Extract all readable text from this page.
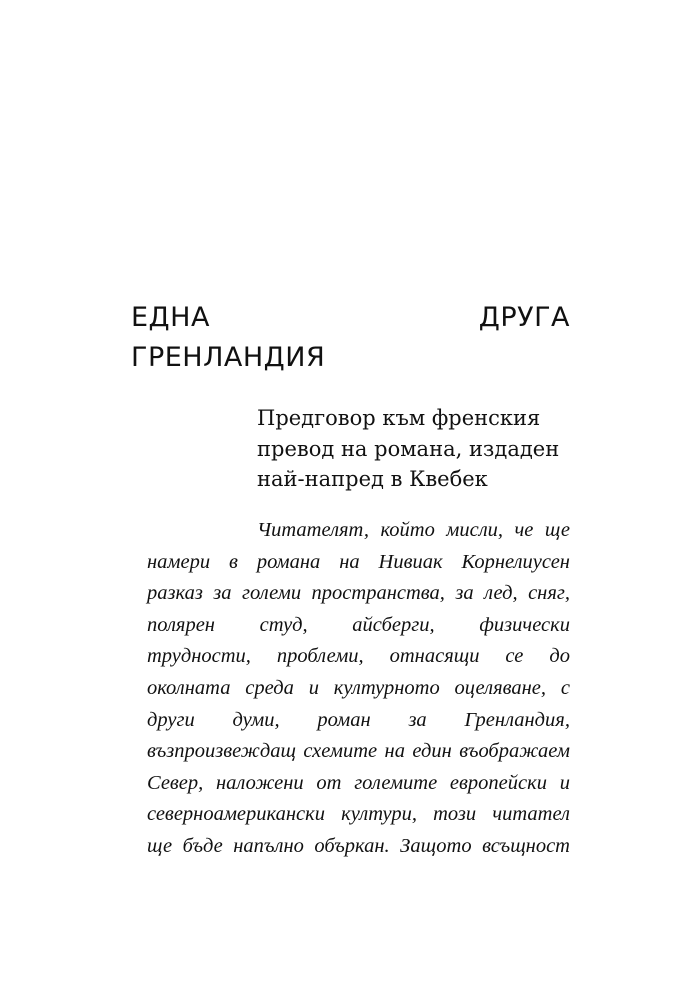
ЕДНА	ДРУГА
ГРЕНЛАНДИЯ
Предговор към френския
превод на романа, издаден
най-напред в Квебек
Читателят, който мисли, че ще
намери в романа на Нивиак Корнелиусен
разказ за големи пространства, за лед, сняг,
полярен студ, айсберги, физически
трудности, проблеми, отнасящи се до
околната среда и културното оцеляване, с
други думи, роман за Гренландия,
възпроизвеждащ схемите на един въображаем
Север, наложени от големите европейски и
северноамерикански култури, този читател
ще бъде напълно объркан. Защото всъщност
